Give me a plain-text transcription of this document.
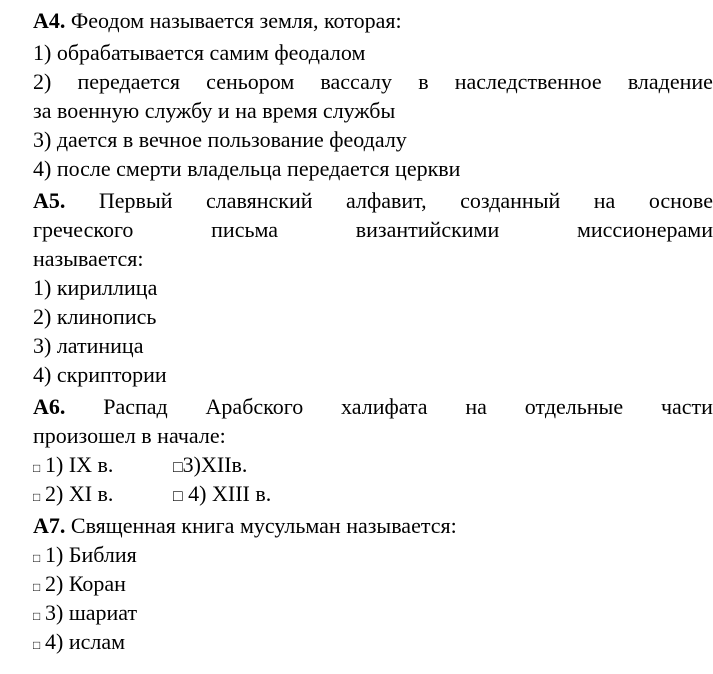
А4. Феодом называется земля, которая:
1) обрабатывается самим феодалом
2) передается сеньором вассалу в наследственное владение
за военную службу и на время службы
3) дается в вечное пользование феодалу
4) после смерти владельца передается церкви
А5. Первый славянский алфавит, созданный на основе
греческого	письма	византийскими	миссионерами
называется:
1) кириллица
2) клинопись
3) латиница
4) скриптории
А6. Распад Арабского халифата на отдельные части
произошел в начале:
□ 1) IX в.	□3)XIIв.
□ 2) XI в.	□ 4) XIII в.
А7. Священная книга мусульман называется:
□ 1) Библия
□ 2) Коран
□ 3) шариат
□ 4) ислам
